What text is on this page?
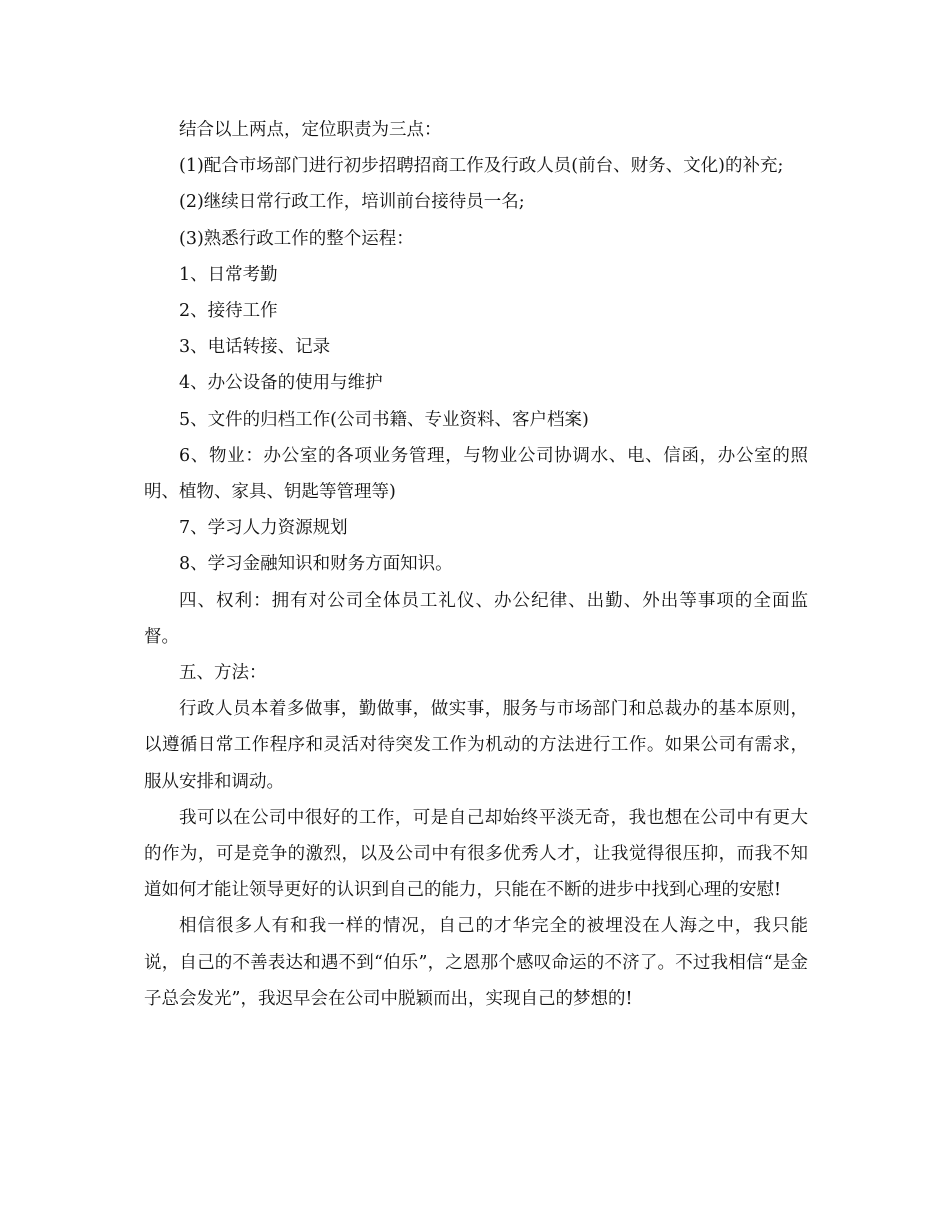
结合以上两点，定位职责为三点：

(1)配合市场部门进行初步招聘招商工作及行政人员(前台、财务、文化)的补充;

(2)继续日常行政工作，培训前台接待员一名;

(3)熟悉行政工作的整个运程：

1、日常考勤

2、接待工作

3、电话转接、记录

4、办公设备的使用与维护

5、文件的归档工作(公司书籍、专业资料、客户档案)

6、物业：办公室的各项业务管理，与物业公司协调水、电、信函，办公室的照明、植物、家具、钥匙等管理等)

7、学习人力资源规划

8、学习金融知识和财务方面知识。

四、权利：拥有对公司全体员工礼仪、办公纪律、出勤、外出等事项的全面监督。

五、方法：

行政人员本着多做事，勤做事，做实事，服务与市场部门和总裁办的基本原则，以遵循日常工作程序和灵活对待突发工作为机动的方法进行工作。如果公司有需求，服从安排和调动。

我可以在公司中很好的工作，可是自己却始终平淡无奇，我也想在公司中有更大的作为，可是竞争的激烈，以及公司中有很多优秀人才，让我觉得很压抑，而我不知道如何才能让领导更好的认识到自己的能力，只能在不断的进步中找到心理的安慰!

相信很多人有和我一样的情况，自己的才华完全的被埋没在人海之中，我只能说，自己的不善表达和遇不到“伯乐”，之恩那个感叹命运的不济了。不过我相信“是金子总会发光”，我迟早会在公司中脱颖而出，实现自己的梦想的!
